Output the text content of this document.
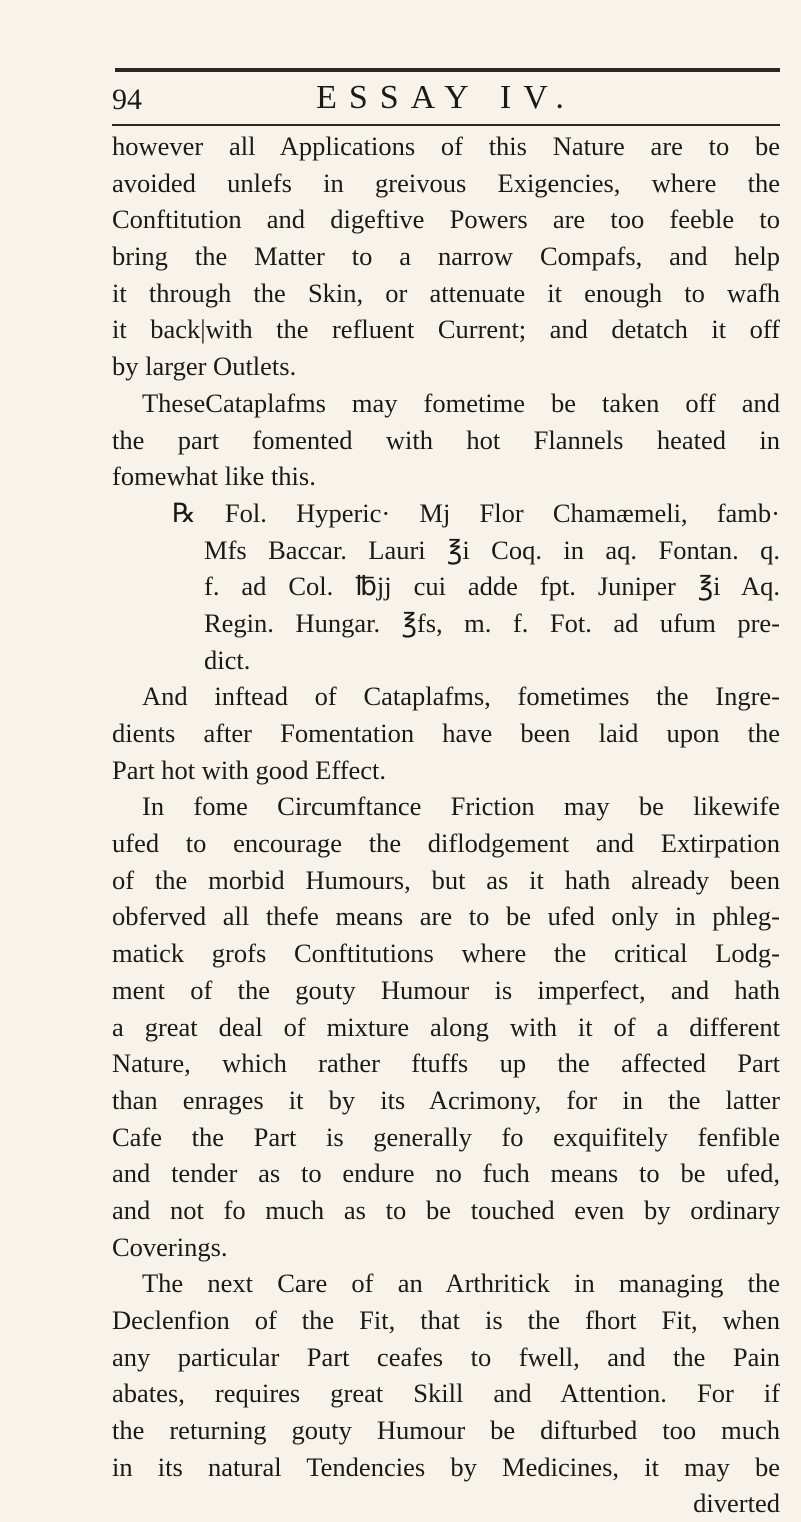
94	ESSAY IV.
however all Applications of this Nature are to be
avoided unlefs in greivous Exigencies, where the
Conftitution and digeftive Powers are too feeble to
bring the Matter to a narrow Compafs, and help
it through the Skin, or attenuate it enough to wafh
it back|with the refluent Current; and detatch it off
by larger Outlets.
TheseCataplafms may fometime be taken off and
the part fomented with hot Flannels heated in
fomewhat like this.
℞ Fol. Hyperic· Mj Flor Chamæmeli, famb·
Mfs Baccar. Lauri ℥i Coq. in aq. Fontan. q.
f. ad Col. ℔jj cui adde fpt. Juniper ℥i Aq.
Regin. Hungar. ℥fs, m. f. Fot. ad ufum pre-
dict.
And inftead of Cataplafms, fometimes the Ingre-
dients after Fomentation have been laid upon the
Part hot with good Effect.
In fome Circumftance Friction may be likewife
ufed to encourage the diflodgement and Extirpation
of the morbid Humours, but as it hath already been
obferved all thefe means are to be ufed only in phleg-
matick grofs Conftitutions where the critical Lodg-
ment of the gouty Humour is imperfect, and hath
a great deal of mixture along with it of a different
Nature, which rather ftuffs up the affected Part
than enrages it by its Acrimony, for in the latter
Cafe the Part is generally fo exquifitely fenfible
and tender as to endure no fuch means to be ufed,
and not fo much as to be touched even by ordinary
Coverings.
The next Care of an Arthritick in managing the
Declenfion of the Fit, that is the fhort Fit, when
any particular Part ceafes to fwell, and the Pain
abates, requires great Skill and Attention. For if
the returning gouty Humour be difturbed too much
in its natural Tendencies by Medicines, it may be
diverted
